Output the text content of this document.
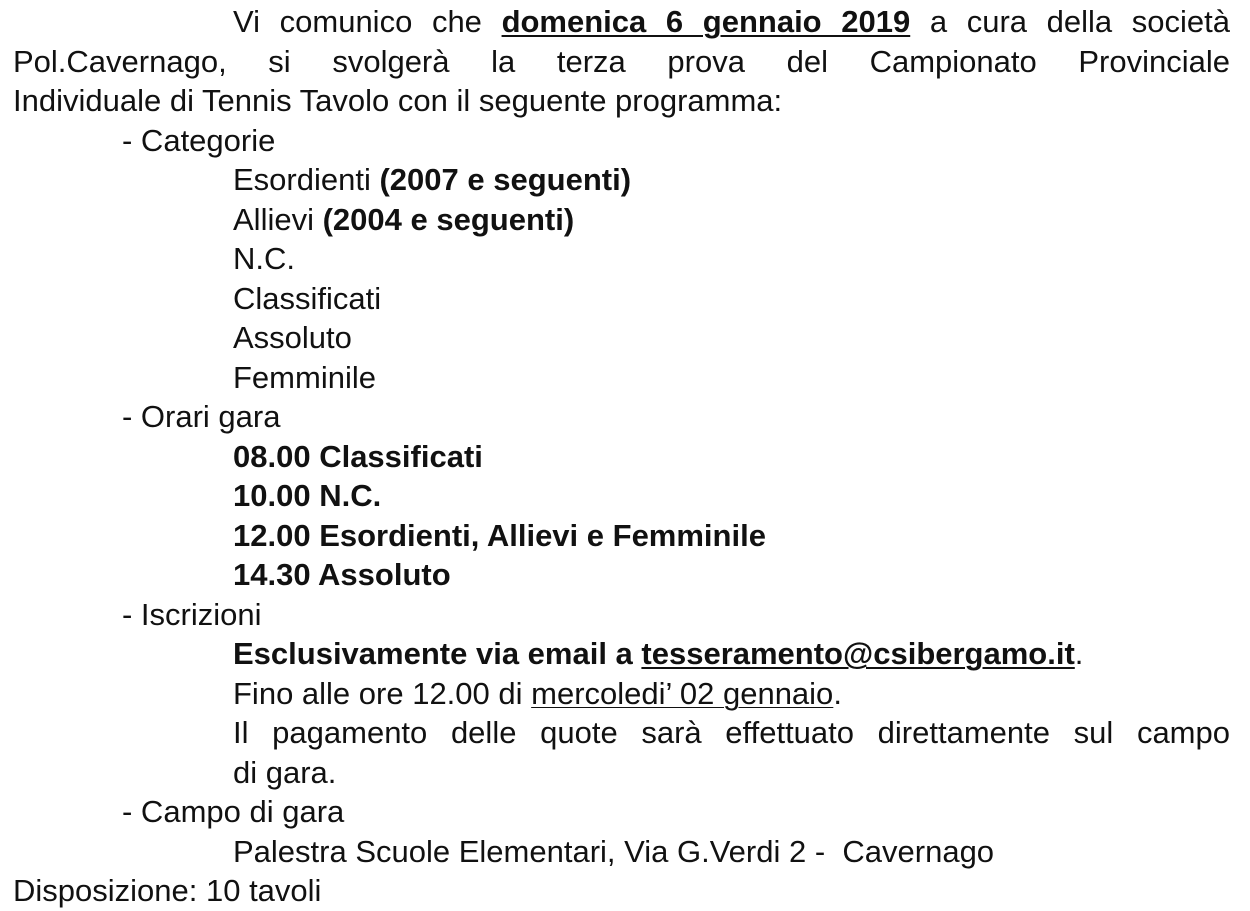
Vi comunico che domenica 6 gennaio 2019 a cura della società
Pol.Cavernago, si svolgerà la terza prova del Campionato Provinciale
Individuale di Tennis Tavolo con il seguente programma:
- Categorie
Esordienti (2007 e seguenti)
Allievi (2004 e seguenti)
N.C.
Classificati
Assoluto
Femminile
- Orari gara
08.00 Classificati
10.00 N.C.
12.00 Esordienti, Allievi e Femminile
14.30 Assoluto
- Iscrizioni
Esclusivamente via email a tesseramento@csibergamo.it.
Fino alle ore 12.00 di mercoledi’ 02 gennaio.
Il pagamento delle quote sarà effettuato direttamente sul campo
di gara.
- Campo di gara
Palestra Scuole Elementari, Via G.Verdi 2 -  Cavernago
Disposizione: 10 tavoli
